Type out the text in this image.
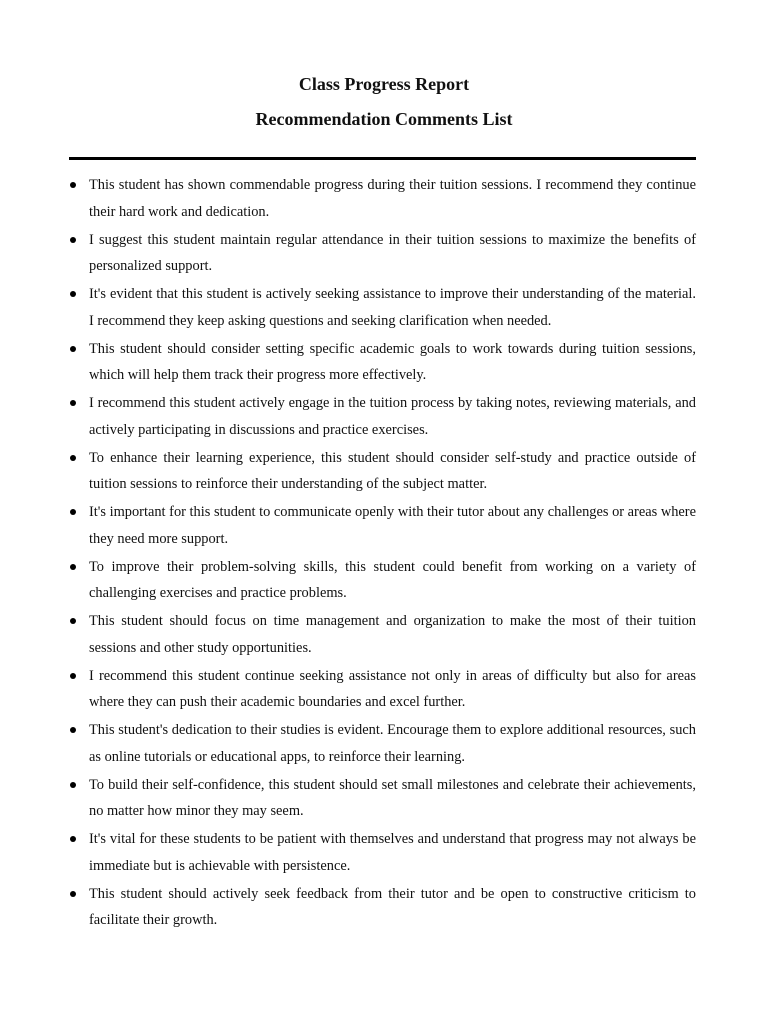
Class Progress Report
Recommendation Comments List
This student has shown commendable progress during their tuition sessions. I recommend they continue their hard work and dedication.
I suggest this student maintain regular attendance in their tuition sessions to maximize the benefits of personalized support.
It's evident that this student is actively seeking assistance to improve their understanding of the material. I recommend they keep asking questions and seeking clarification when needed.
This student should consider setting specific academic goals to work towards during tuition sessions, which will help them track their progress more effectively.
I recommend this student actively engage in the tuition process by taking notes, reviewing materials, and actively participating in discussions and practice exercises.
To enhance their learning experience, this student should consider self-study and practice outside of tuition sessions to reinforce their understanding of the subject matter.
It's important for this student to communicate openly with their tutor about any challenges or areas where they need more support.
To improve their problem-solving skills, this student could benefit from working on a variety of challenging exercises and practice problems.
This student should focus on time management and organization to make the most of their tuition sessions and other study opportunities.
I recommend this student continue seeking assistance not only in areas of difficulty but also for areas where they can push their academic boundaries and excel further.
This student's dedication to their studies is evident. Encourage them to explore additional resources, such as online tutorials or educational apps, to reinforce their learning.
To build their self-confidence, this student should set small milestones and celebrate their achievements, no matter how minor they may seem.
It's vital for these students to be patient with themselves and understand that progress may not always be immediate but is achievable with persistence.
This student should actively seek feedback from their tutor and be open to constructive criticism to facilitate their growth.
